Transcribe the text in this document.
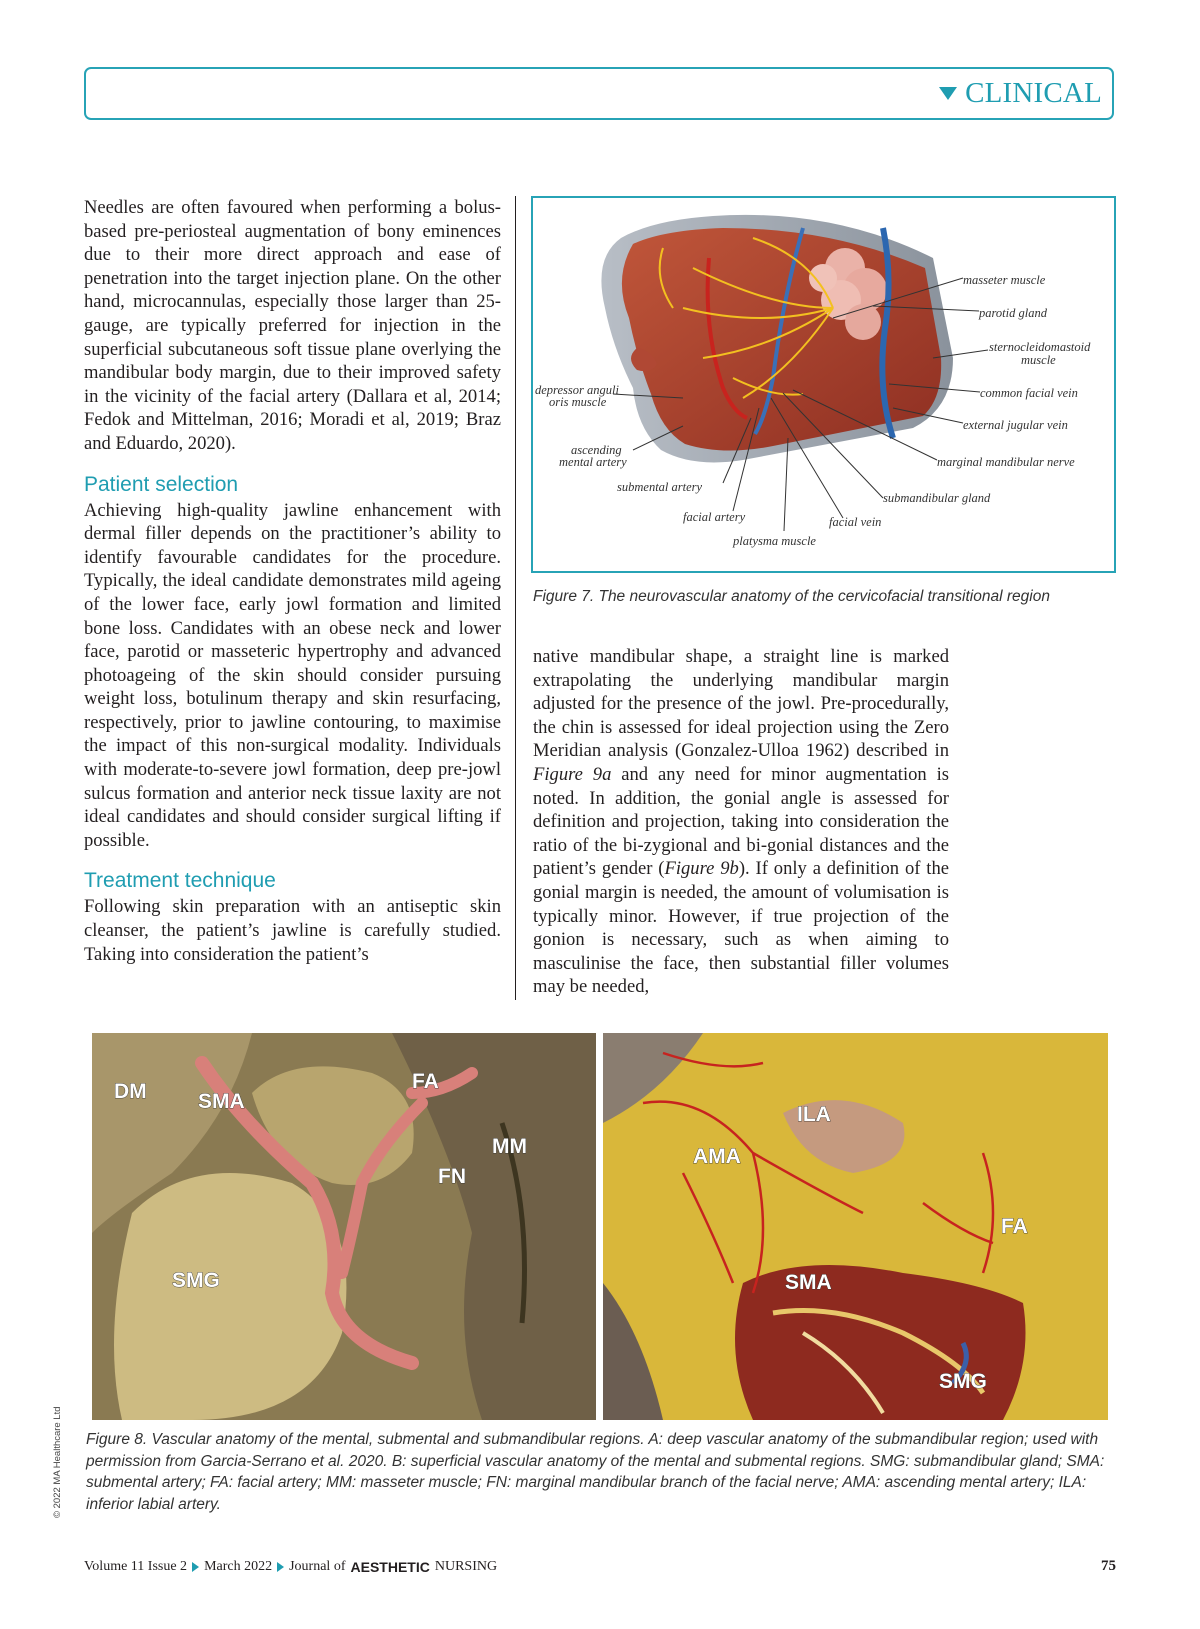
CLINICAL

Needles are often favoured when performing a bolus-based pre-periosteal augmentation of bony eminences due to their more direct approach and ease of penetration into the target injection plane. On the other hand, microcannulas, especially those larger than 25-gauge, are typically preferred for injection in the superficial subcutaneous soft tissue plane overlying the mandibular body margin, due to their improved safety in the vicinity of the facial artery (Dallara et al, 2014; Fedok and Mittelman, 2016; Moradi et al, 2019; Braz and Eduardo, 2020).

Patient selection

Achieving high-quality jawline enhancement with dermal filler depends on the practitioner’s ability to identify favourable candidates for the procedure. Typically, the ideal candidate demonstrates mild ageing of the lower face, early jowl formation and limited bone loss. Candidates with an obese neck and lower face, parotid or masseteric hypertrophy and advanced photoageing of the skin should consider pursuing weight loss, botulinum therapy and skin resurfacing, respectively, prior to jawline contouring, to maximise the impact of this non-surgical modality. Individuals with moderate-to-severe jowl formation, deep pre-jowl sulcus formation and anterior neck tissue laxity are not ideal candidates and should consider surgical lifting if possible.

Treatment technique

Following skin preparation with an antiseptic skin cleanser, the patient’s jawline is carefully studied. Taking into consideration the patient’s

masseter muscle
parotid gland
sternocleidomastoid
muscle
common facial vein
external jugular vein
marginal mandibular nerve
submandibular gland
facial vein
platysma muscle
facial artery
submental artery
ascending
mental artery
depressor anguli
oris muscle
Figure 7. The neurovascular anatomy of the cervicofacial transitional region

native mandibular shape, a straight line is marked extrapolating the underlying mandibular margin adjusted for the presence of the jowl. Pre-procedurally, the chin is assessed for ideal projection using the Zero Meridian analysis (Gonzalez-Ulloa 1962) described in Figure 9a and any need for minor augmentation is noted. In addition, the gonial angle is assessed for definition and projection, taking into consideration the ratio of the bi-zygional and bi-gonial distances and the patient’s gender (Figure 9b). If only a definition of the gonial margin is needed, the amount of volumisation is typically minor. However, if true projection of the gonion is necessary, such as when aiming to masculinise the face, then substantial filler volumes may be needed,

DM SMA
FA
MM
FN
SMG
ILA
AMA
FA
SMA
SMG
Figure 8. Vascular anatomy of the mental, submental and submandibular regions. A: deep vascular anatomy of the submandibular region; used with permission from Garcia-Serrano et al. 2020. B: superficial vascular anatomy of the mental and submental regions. SMG: submandibular gland; SMA: submental artery; FA: facial artery; MM: masseter muscle; FN: marginal mandibular branch of the facial nerve; AMA: ascending mental artery; ILA: inferior labial artery.
© 2022 MA Healthcare Ltd
Volume 11 Issue 2 March 2022 Journal of AESTHETIC NURSING	75
